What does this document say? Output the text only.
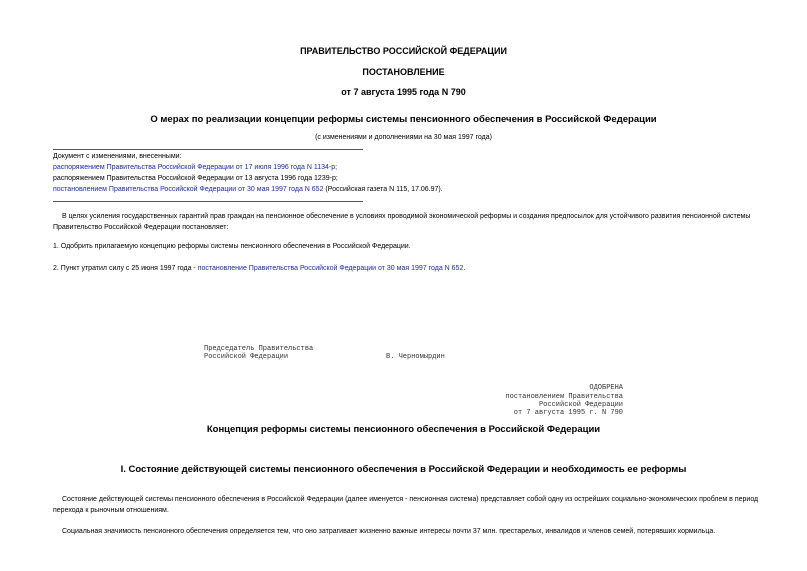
ПРАВИТЕЛЬСТВО РОССИЙСКОЙ ФЕДЕРАЦИИ
ПОСТАНОВЛЕНИЕ
от 7 августа 1995 года N 790
О мерах по реализации концепции реформы системы пенсионного обеспечения в Российской Федерации
(с изменениями и дополнениями на 30 мая 1997 года)
Документ с изменениями, внесенными:
распоряжением Правительства Российской Федерации от 17 июля 1996 года N 1134-р;
распоряжением Правительства Российской Федерации от 13 августа 1996 года 1239-р;
постановлением Правительства Российской Федерации от 30 мая 1997 года N 652 (Российская газета N 115, 17.06.97).
В целях усиления государственных гарантий прав граждан на пенсионное обеспечение в условиях проводимой экономической реформы и создания предпосылок для устойчивого развития пенсионной системы
Правительство Российской Федерации постановляет:
1. Одобрить прилагаемую концепцию реформы системы пенсионного обеспечения в Российской Федерации.
2. Пункт утратил силу с 25 июня 1997 года - постановление Правительства Российской Федерации от 30 мая 1997 года N 652.
Председатель Правительства
Российской Федерации	В. Черномырдин
ОДОБРЕНА
постановлением Правительства
Российской Федерации
от 7 августа 1995 г. N 790
Концепция реформы системы пенсионного обеспечения в Российской Федерации
I. Состояние действующей системы пенсионного обеспечения в Российской Федерации и необходимость ее реформы
Состояние действующей системы пенсионного обеспечения в Российской Федерации (далее именуется - пенсионная система) представляет собой одну из острейших социально-экономических проблем в период
перехода к рыночным отношениям.
Социальная значимость пенсионного обеспечения определяется тем, что оно затрагивает жизненно важные интересы почти 37 млн. престарелых, инвалидов и членов семей, потерявших кормильца.
